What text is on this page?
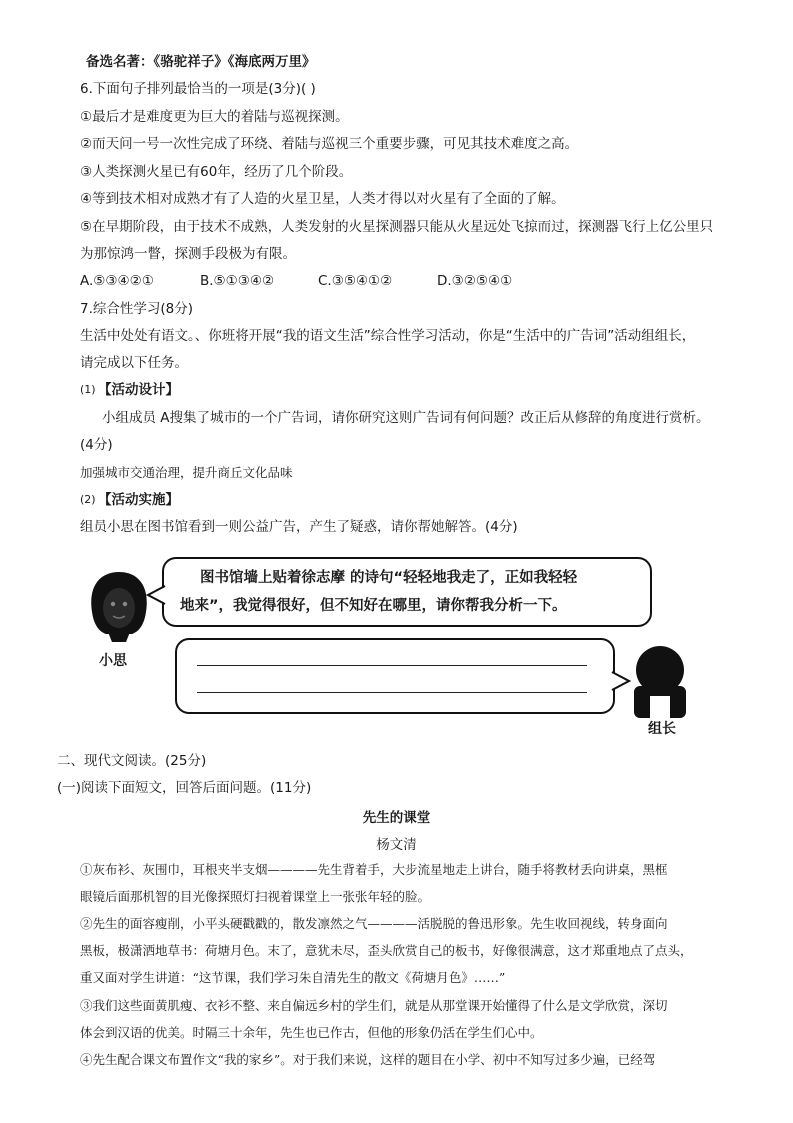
备选名著：《骆驼祥子》《海底两万里》
6.下面句子排列最恰当的一项是(3分)( )
①最后才是难度更为巨大的着陆与巡视探测。
②而天问一号一次性完成了环绕、着陆与巡视三个重要步骤，可见其技术难度之高。
③人类探测火星已有60年，经历了几个阶段。
④等到技术相对成熟才有了人造的火星卫星，人类才得以对火星有了全面的了解。
⑤在早期阶段，由于技术不成熟，人类发射的火星探测器只能从火星远处飞掠而过，探测器飞行上亿公里只
为那惊鸿一瞥，探测手段极为有限。
A.⑤③④②①	B.⑤①③④②	C.③⑤④①②	D.③②⑤④①
7.综合性学习(8分)
生活中处处有语文。、你班将开展“我的语文生活”综合性学习活动，你是“生活中的广告词”活动组组长，
请完成以下任务。
(1) 【活动设计】
小组成员 A搜集了城市的一个广告词，请你研究这则广告词有何问题？改正后从修辞的角度进行赏析。
(4分)
加强城市交通治理，提升商丘文化品味
(2) 【活动实施】
组员小思在图书馆看到一则公益广告，产生了疑惑，请你帮她解答。(4分)
小思
图书馆墙上贴着徐志摩 的诗句“轻轻地我走了，正如我轻轻
地来”，我觉得很好，但不知好在哪里，请你帮我分析一下。
组长
二、现代文阅读。(25分)
(一)阅读下面短文，回答后面问题。(11分)
先生的课堂
杨文清
①灰布衫、灰围巾，耳根夹半支烟————先生背着手，大步流星地走上讲台，随手将教材丢向讲桌，黑框
眼镜后面那机智的目光像探照灯扫视着课堂上一张张年轻的脸。
②先生的面容瘦削，小平头硬戳戳的，散发凛然之气————活脱脱的鲁迅形象。先生收回视线，转身面向
黑板，极潇洒地草书：荷塘月色。末了，意犹未尽，歪头欣赏自己的板书，好像很满意，这才郑重地点了点头，
重又面对学生讲道：“这节课，我们学习朱自清先生的散文《荷塘月色》……”
③我们这些面黄肌瘦、衣衫不整、来自偏远乡村的学生们，就是从那堂课开始懂得了什么是文学欣赏，深切
体会到汉语的优美。时隔三十余年，先生也已作古，但他的形象仍活在学生们心中。
④先生配合课文布置作文“我的家乡”。对于我们来说，这样的题目在小学、初中不知写过多少遍，已经驾
